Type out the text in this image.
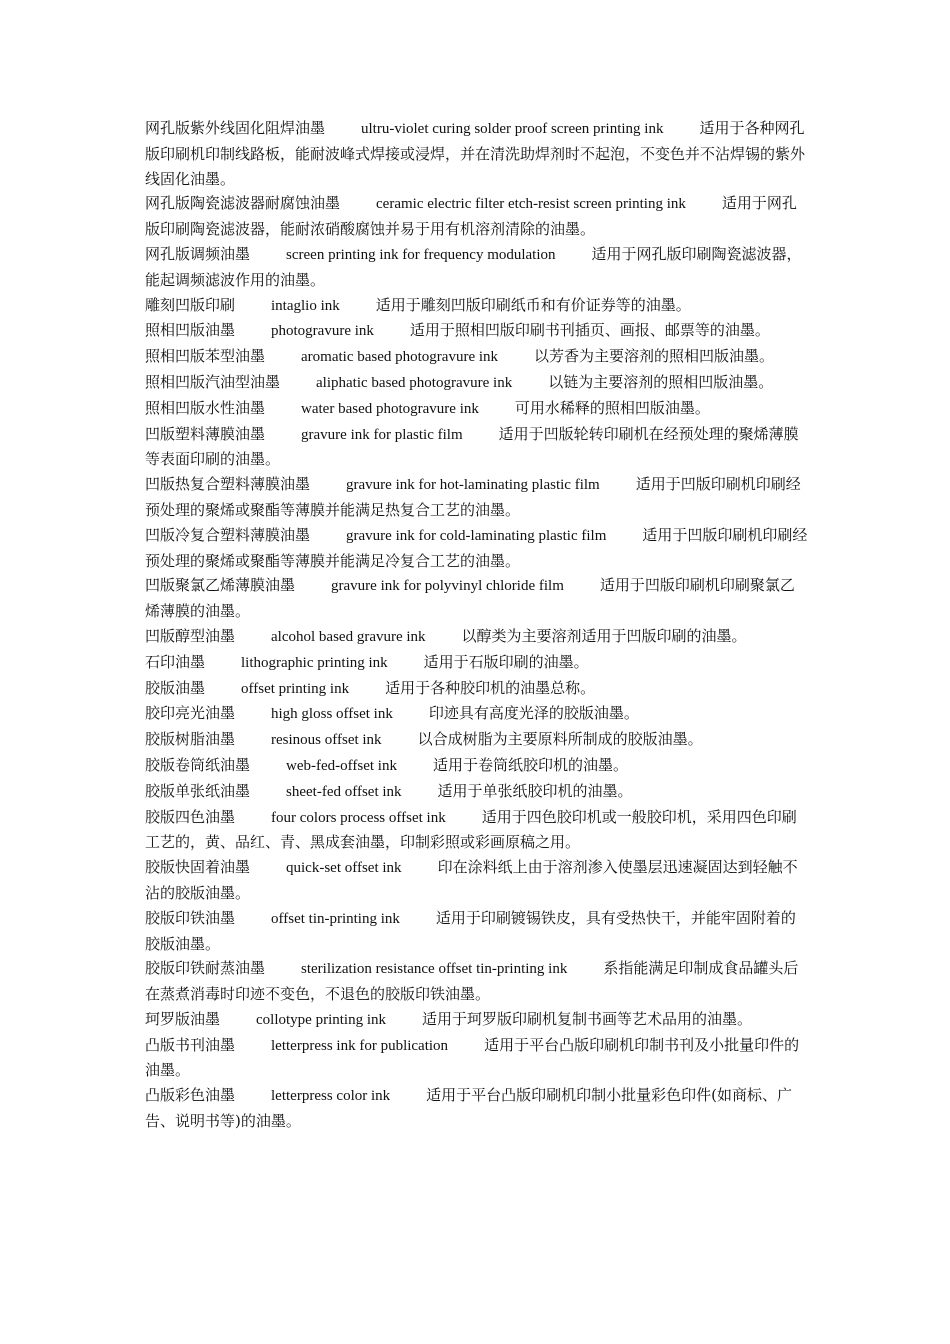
网孔版紫外线固化阻焊油墨 ultru-violet curing solder proof screen printing ink 适用于各种网孔版印刷机印制线路板，能耐波峰式焊接或浸焊，并在清洗助焊剂时不起泡，不变色并不沾焊锡的紫外线固化油墨。

网孔版陶瓷滤波器耐腐蚀油墨 ceramic electric filter etch-resist screen printing ink 适用于网孔版印刷陶瓷滤波器，能耐浓硝酸腐蚀并易于用有机溶剂清除的油墨。

网孔版调频油墨 screen printing ink for frequency modulation 适用于网孔版印刷陶瓷滤波器，能起调频滤波作用的油墨。

雕刻凹版印刷 intaglio ink 适用于雕刻凹版印刷纸币和有价证券等的油墨。

照相凹版油墨 photogravure ink 适用于照相凹版印刷书刊插页、画报、邮票等的油墨。

照相凹版苯型油墨 aromatic based photogravure ink 以芳香为主要溶剂的照相凹版油墨。

照相凹版汽油型油墨 aliphatic based photogravure ink 以链为主要溶剂的照相凹版油墨。

照相凹版水性油墨 water based photogravure ink 可用水稀释的照相凹版油墨。

凹版塑料薄膜油墨 gravure ink for plastic film 适用于凹版轮转印刷机在经预处理的聚烯薄膜等表面印刷的油墨。

凹版热复合塑料薄膜油墨 gravure ink for hot-laminating plastic film 适用于凹版印刷机印刷经预处理的聚烯或聚酯等薄膜并能满足热复合工艺的油墨。

凹版冷复合塑料薄膜油墨 gravure ink for cold-laminating plastic film 适用于凹版印刷机印刷经预处理的聚烯或聚酯等薄膜并能满足冷复合工艺的油墨。

凹版聚氯乙烯薄膜油墨 gravure ink for polyvinyl chloride film 适用于凹版印刷机印刷聚氯乙烯薄膜的油墨。

凹版醇型油墨 alcohol based gravure ink 以醇类为主要溶剂适用于凹版印刷的油墨。

石印油墨 lithographic printing ink 适用于石版印刷的油墨。

胶版油墨 offset printing ink 适用于各种胶印机的油墨总称。

胶印亮光油墨 high gloss offset ink 印迹具有高度光泽的胶版油墨。

胶版树脂油墨 resinous offset ink 以合成树脂为主要原料所制成的胶版油墨。

胶版卷筒纸油墨 web-fed-offset ink 适用于卷筒纸胶印机的油墨。

胶版单张纸油墨 sheet-fed offset ink 适用于单张纸胶印机的油墨。

胶版四色油墨 four colors process offset ink 适用于四色胶印机或一般胶印机，采用四色印刷工艺的，黄、品红、青、黑成套油墨，印制彩照或彩画原稿之用。

胶版快固着油墨 quick-set offset ink 印在涂料纸上由于溶剂渗入使墨层迅速凝固达到轻触不沾的胶版油墨。

胶版印铁油墨 offset tin-printing ink 适用于印刷镀锡铁皮，具有受热快干，并能牢固附着的胶版油墨。

胶版印铁耐蒸油墨 sterilization resistance offset tin-printing ink 系指能满足印制成食品罐头后在蒸煮消毒时印迹不变色，不退色的胶版印铁油墨。

珂罗版油墨 collotype printing ink 适用于珂罗版印刷机复制书画等艺术品用的油墨。

凸版书刊油墨 letterpress ink for publication 适用于平台凸版印刷机印制书刊及小批量印件的油墨。

凸版彩色油墨 letterpress color ink 适用于平台凸版印刷机印制小批量彩色印件(如商标、广告、说明书等)的油墨。
